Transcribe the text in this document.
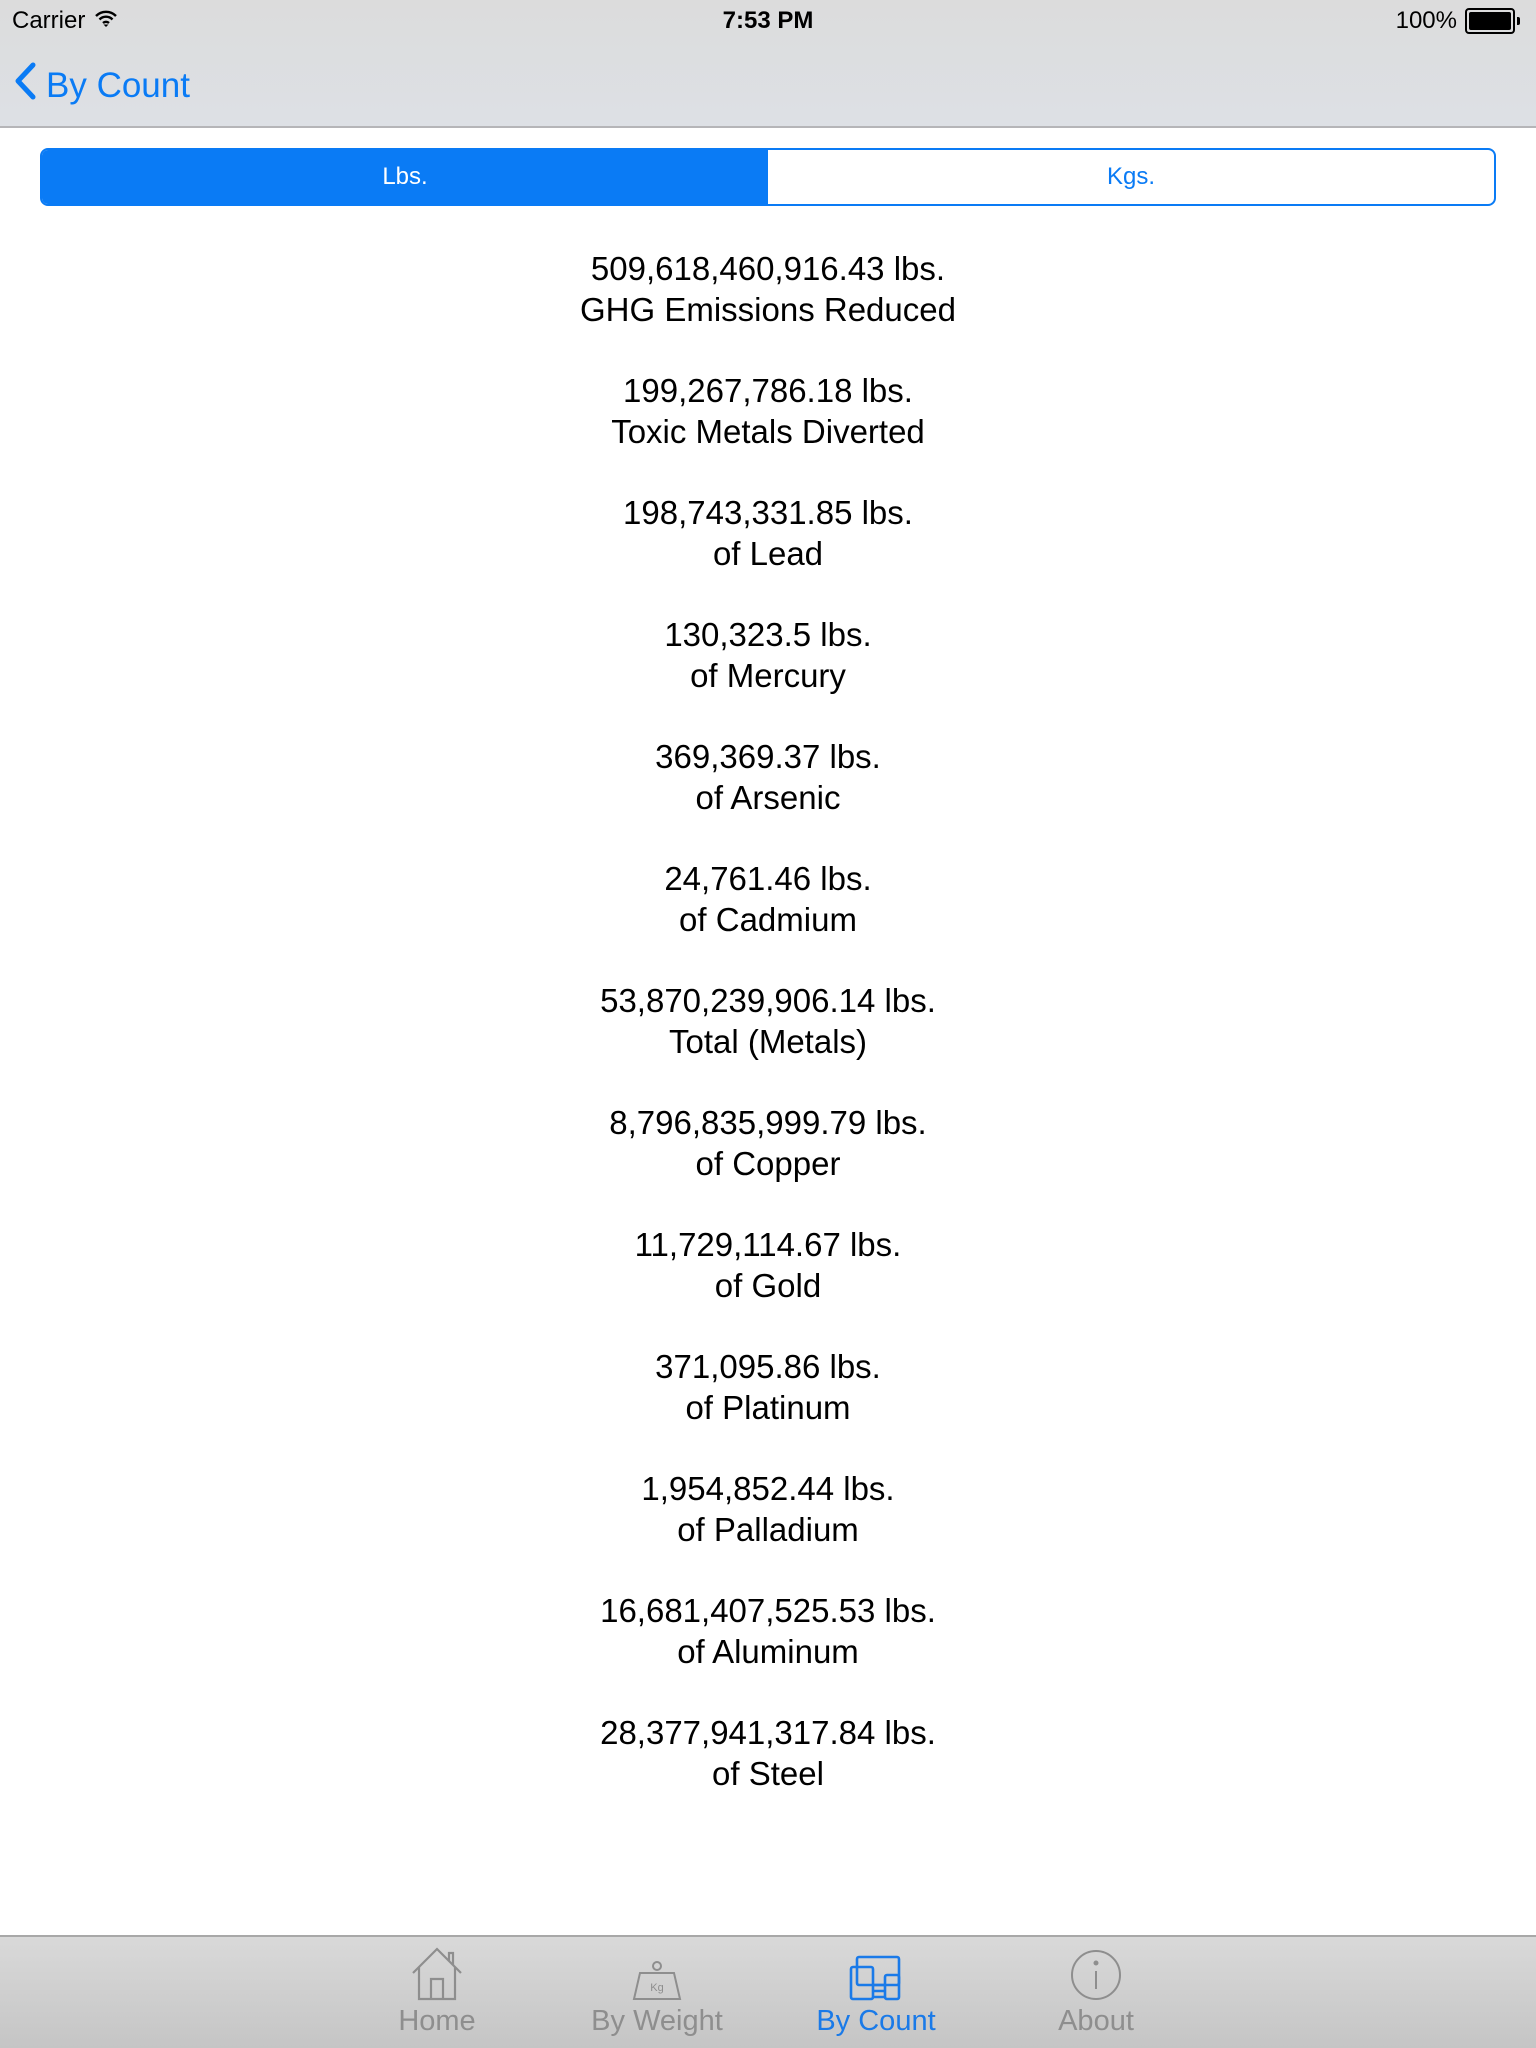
Carrier	7:53 PM	100%
By Count
Lbs.	Kgs.
509,618,460,916.43 lbs.
GHG Emissions Reduced
199,267,786.18 lbs.
Toxic Metals Diverted
198,743,331.85 lbs.
of Lead
130,323.5 lbs.
of Mercury
369,369.37 lbs.
of Arsenic
24,761.46 lbs.
of Cadmium
53,870,239,906.14 lbs.
Total (Metals)
8,796,835,999.79 lbs.
of Copper
11,729,114.67 lbs.
of Gold
371,095.86 lbs.
of Platinum
1,954,852.44 lbs.
of Palladium
16,681,407,525.53 lbs.
of Aluminum
28,377,941,317.84 lbs.
of Steel
Home
Kg
By Weight	By Count	About
